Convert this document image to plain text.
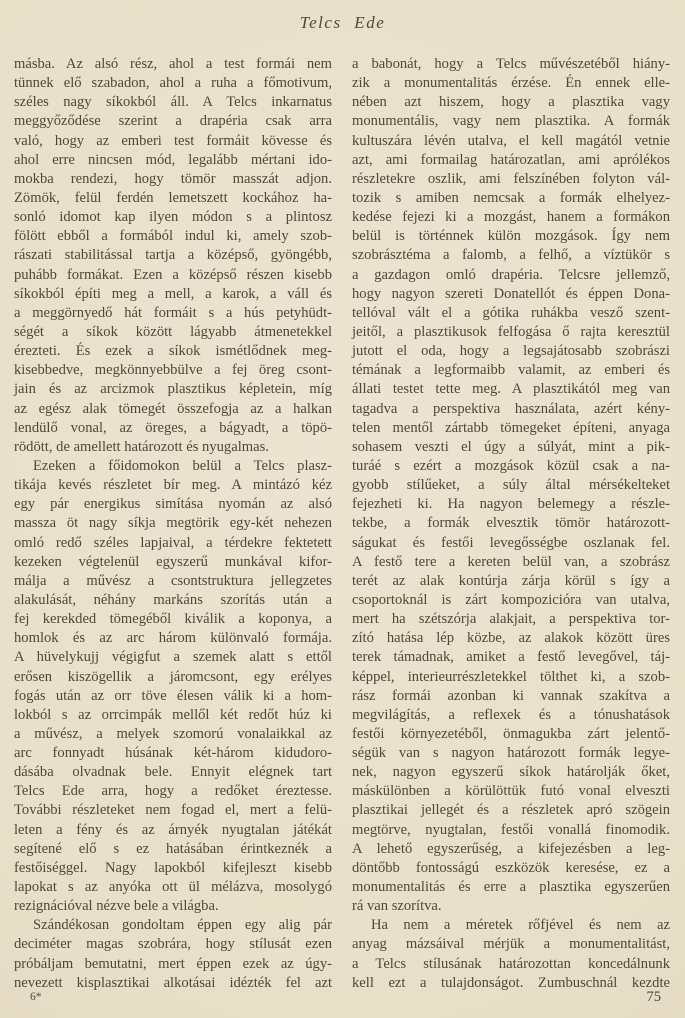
Telcs Ede
másba. Az alsó rész, ahol a test formái nem
tünnek elő szabadon, ahol a ruha a főmotivum,
széles nagy síkokból áll. A Telcs inkarnatus
meggyőződése szerint a drapéria csak arra
való, hogy az emberi test formáit kövesse és
ahol erre nincsen mód, legalább mértani ido-
mokba rendezi, hogy tömör masszát adjon.
Zömök, felül ferdén lemetszett kockához ha-
sonló idomot kap ilyen módon s a plintosz
fölött ebből a formából indul ki, amely szob-
rászati stabilitással tartja a középső, gyöngébb,
puhább formákat. Ezen a középső részen kisebb
síkokból építi meg a mell, a karok, a váll és
a meggörnyedő hát formáit s a hús petyhüdt-
ségét a síkok között lágyabb átmenetekkel
érezteti. És ezek a síkok ismétlődnek meg-
kisebbedve, megkönnyebbülve a fej öreg csont-
jain és az arcizmok plasztikus képletein, míg
az egész alak tömegét összefogja az a halkan
lendülő vonal, az öreges, a bágyadt, a töpö-
rödött, de amellett határozott és nyugalmas.
Ezeken a főidomokon belül a Telcs plasz-
tikája kevés részletet bír meg. A mintázó kéz
egy pár energikus simítása nyomán az alsó
massza öt nagy síkja megtörik egy-két nehezen
omló redő széles lapjaival, a térdekre fektetett
kezeken végtelenül egyszerű munkával kifor-
málja a művész a csontstruktura jellegzetes
alakulását, néhány markáns szorítás után a
fej kerekded tömegéből kiválik a koponya, a
homlok és az arc három különvaló formája.
A hüvelykujj végigfut a szemek alatt s ettől
erősen kiszögellik a járomcsont, egy erélyes
fogás után az orr töve élesen válik ki a hom-
lokból s az orrcimpák mellől két redőt húz ki
a művész, a melyek szomorú vonalaikkal az
arc fonnyadt húsának két-három kidudoro-
dásába olvadnak bele. Ennyit elégnek tart
Telcs Ede arra, hogy a redőket éreztesse.
További részleteket nem fogad el, mert a felü-
leten a fény és az árnyék nyugtalan játékát
segítené elő s ez hatásában érintkeznék a
festőiséggel. Nagy lapokból kifejleszt kisebb
lapokat s az anyóka ott ül mélázva, mosolygó
rezignációval nézve bele a világba.
Szándékosan gondoltam éppen egy alig pár
deciméter magas szobrára, hogy stílusát ezen
próbáljam bemutatni, mert éppen ezek az úgy-
nevezett kisplasztikai alkotásai idézték fel azt
a babonát, hogy a Telcs művészetéből hiány-
zik a monumentalitás érzése. Én ennek elle-
nében azt hiszem, hogy a plasztika vagy
monumentális, vagy nem plasztika. A formák
kultuszára lévén utalva, el kell magától vetnie
azt, ami formailag határozatlan, ami aprólékos
részletekre oszlik, ami felszínében folyton vál-
tozik s amiben nemcsak a formák elhelyez-
kedése fejezi ki a mozgást, hanem a formákon
belül is történnek külön mozgások. Így nem
szobrásztéma a falomb, a felhő, a víztükör s
a gazdagon omló drapéria. Telcsre jellemző,
hogy nagyon szereti Donatellót és éppen Dona-
tellóval vált el a gótika ruhákba vesző szent-
jeitől, a plasztikusok felfogása ő rajta keresztül
jutott el oda, hogy a legsajátosabb szobrászi
témának a legformaibb valamit, az emberi és
állati testet tette meg. A plasztikától meg van
tagadva a perspektiva használata, azért kény-
telen mentől zártabb tömegeket építeni, anyaga
sohasem veszti el úgy a súlyát, mint a pik-
turáé s ezért a mozgások közül csak a na-
gyobb stílűeket, a súly által mérsékelteket
fejezheti ki. Ha nagyon belemegy a részle-
tekbe, a formák elvesztik tömör határozott-
ságukat és festői levegősségbe oszlanak fel.
A festő tere a kereten belül van, a szobrász
terét az alak kontúrja zárja körül s így a
csoportoknál is zárt kompozicióra van utalva,
mert ha szétszórja alakjait, a perspektiva tor-
zító hatása lép közbe, az alakok között üres
terek támadnak, amiket a festő levegővel, táj-
képpel, interieurrészletekkel tölthet ki, a szob-
rász formái azonban ki vannak szakítva a
megvilágítás, a reflexek és a tónushatások
festői környezetéből, önmagukba zárt jelentő-
ségük van s nagyon határozott formák legye-
nek, nagyon egyszerű síkok határolják őket,
máskülönben a körülöttük futó vonal elveszti
plasztikai jellegét és a részletek apró szögein
megtörve, nyugtalan, festői vonallá finomodik.
A lehető egyszerűség, a kifejezésben a leg-
döntőbb fontosságú eszközök keresése, ez a
monumentalitás és erre a plasztika egyszerűen
rá van szorítva.
Ha nem a méretek rőfjével és nem az
anyag mázsáival mérjük a monumentalitást,
a Telcs stílusának határozottan koncedálnunk
kell ezt a tulajdonságot. Zumbuschnál kezdte
6*	75
